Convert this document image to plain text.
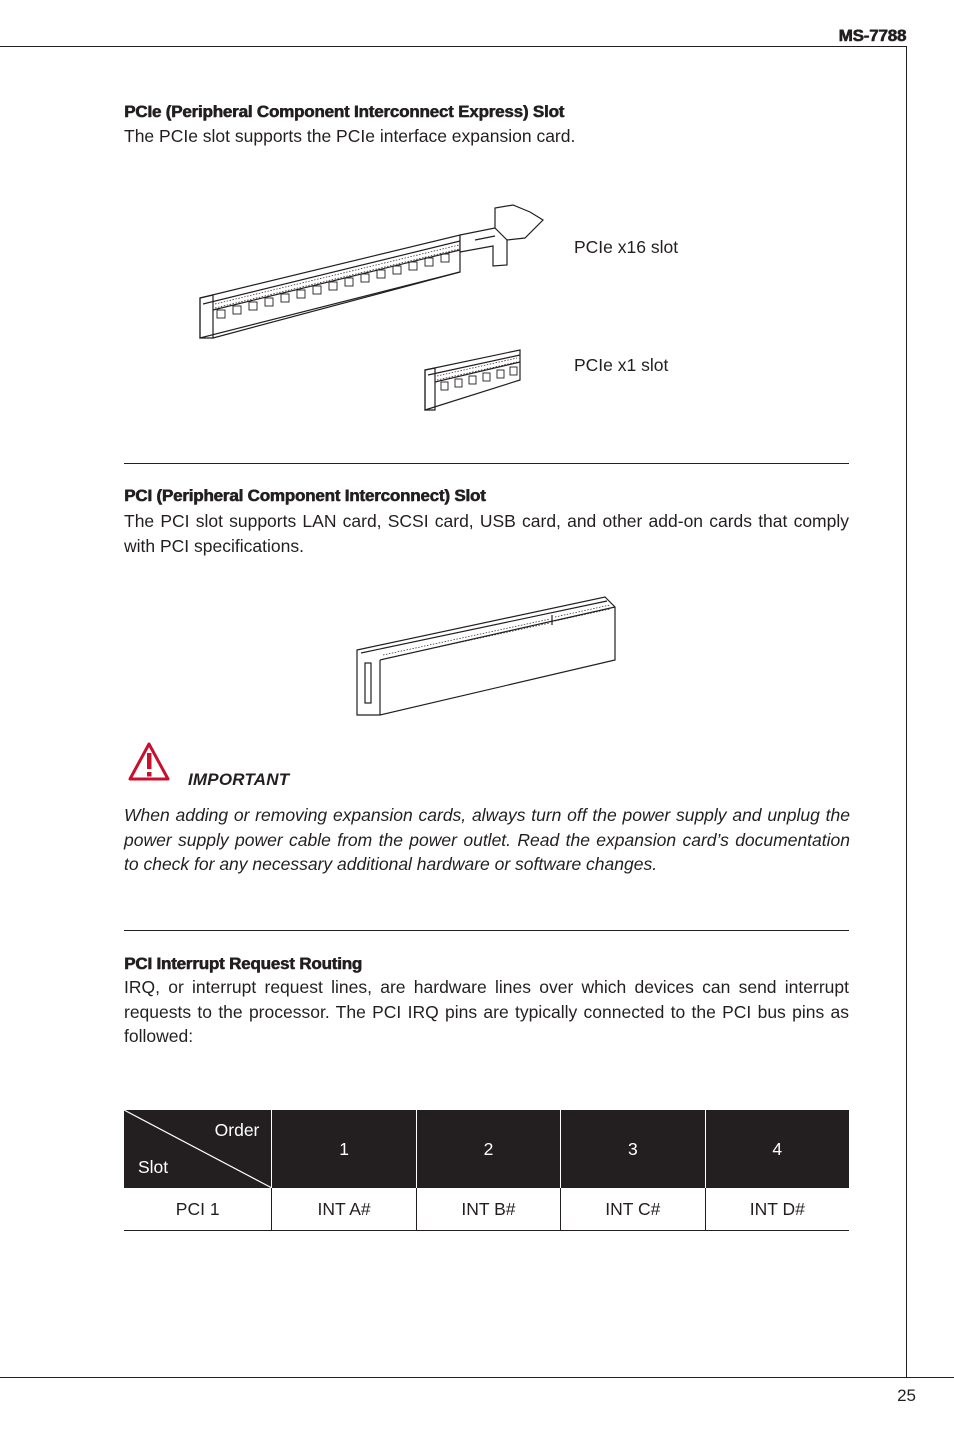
MS-7788
25
PCIe (Peripheral Component Interconnect Express) Slot
The PCIe slot supports the PCIe interface expansion card.
PCIe x16 slot
PCIe x1 slot
PCI (Peripheral Component Interconnect) Slot
The PCI slot supports LAN card, SCSI card, USB card, and other add-on cards that comply with PCI specifications.
IMPORTANT
When adding or removing expansion cards, always turn off the power supply and unplug the power supply power cable from the power outlet. Read the expansion card’s documentation to check for any necessary additional hardware or software changes.
PCI Interrupt Request Routing
IRQ, or interrupt request lines, are hardware lines over which devices can send interrupt requests to the processor. The PCI IRQ pins are typically connected to the PCI bus pins as followed:
Order
Slot	1	2	3	4
PCI 1	INT A#	INT B#	INT C#	INT D#
